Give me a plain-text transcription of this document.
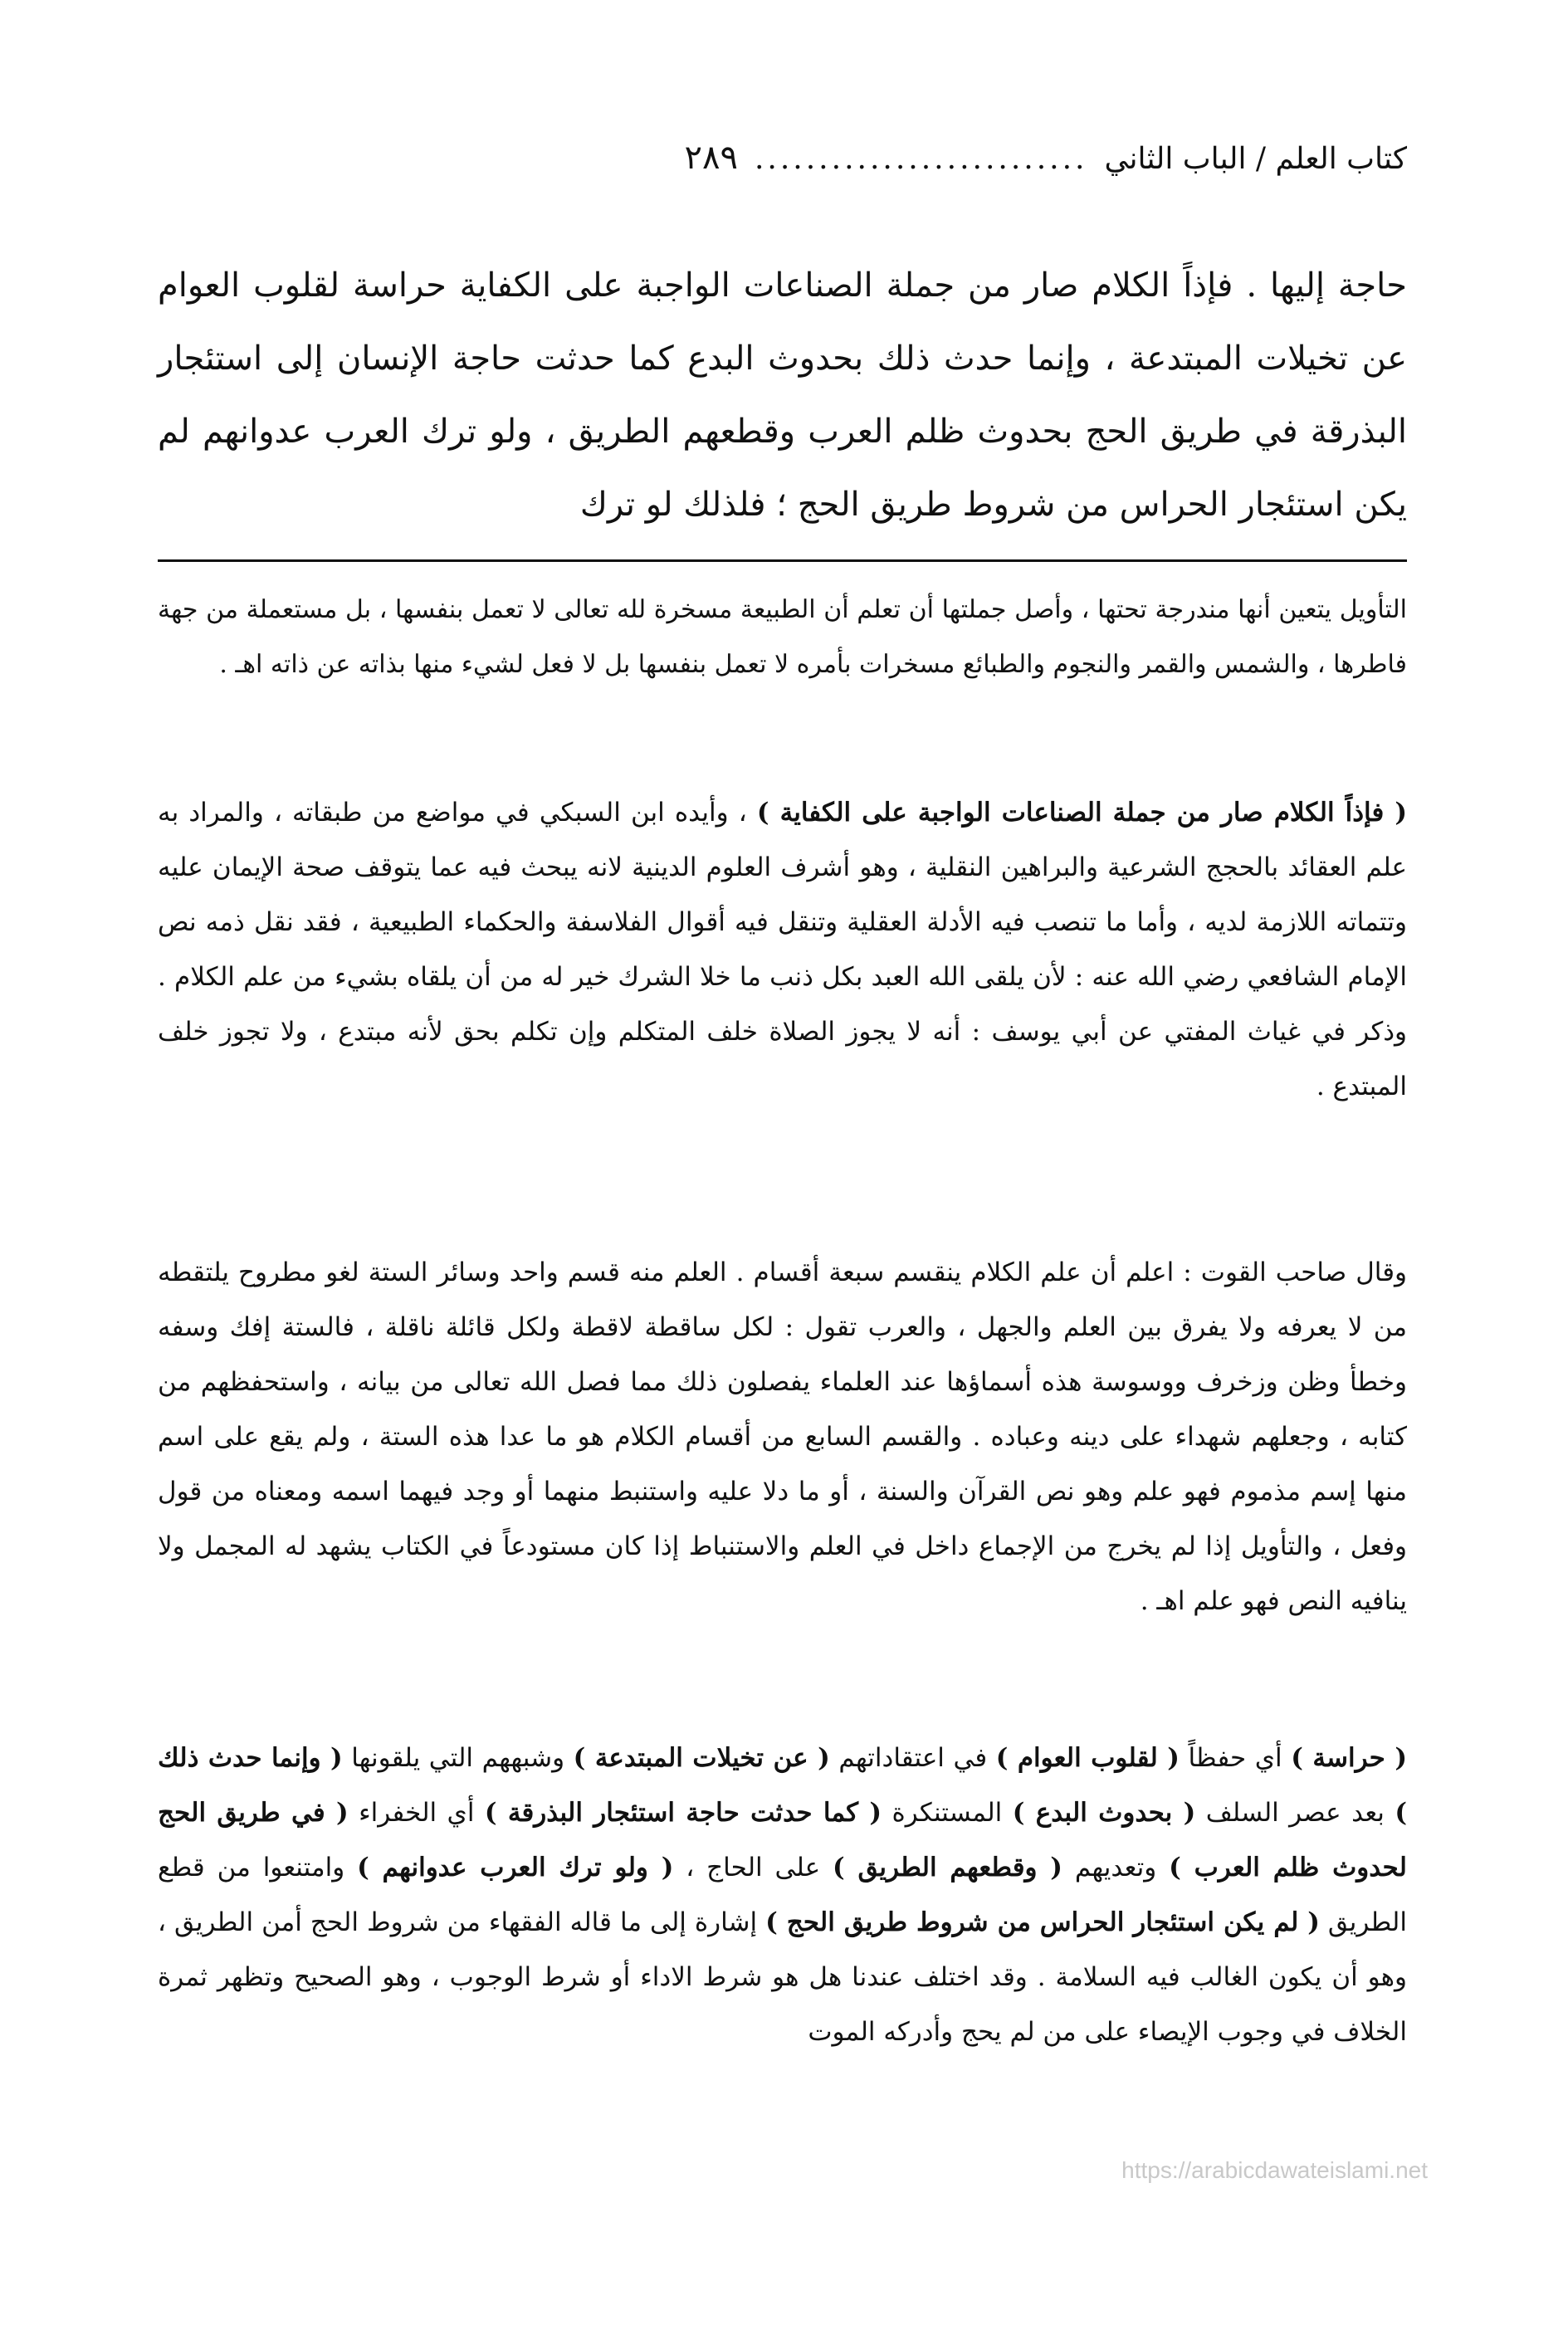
كتاب العلم / الباب الثاني
..........................
٢٨٩

حاجة إليها . فإذاً الكلام صار من جملة الصناعات الواجبة على الكفاية حراسة لقلوب العوام عن تخيلات المبتدعة ، وإنما حدث ذلك بحدوث البدع كما حدثت حاجة الإنسان إلى استئجار البذرقة في طريق الحج بحدوث ظلم العرب وقطعهم الطريق ، ولو ترك العرب عدوانهم لم يكن استئجار الحراس من شروط طريق الحج ؛ فلذلك لو ترك

التأويل يتعين أنها مندرجة تحتها ، وأصل جملتها أن تعلم أن الطبيعة مسخرة لله تعالى لا تعمل بنفسها ، بل مستعملة من جهة فاطرها ، والشمس والقمر والنجوم والطبائع مسخرات بأمره لا تعمل بنفسها بل لا فعل لشيء منها بذاته عن ذاته اهـ .

( فإذاً الكلام صار من جملة الصناعات الواجبة على الكفاية ) ، وأيده ابن السبكي في مواضع من طبقاته ، والمراد به علم العقائد بالحجج الشرعية والبراهين النقلية ، وهو أشرف العلوم الدينية لانه يبحث فيه عما يتوقف صحة الإيمان عليه وتتماته اللازمة لديه ، وأما ما تنصب فيه الأدلة العقلية وتنقل فيه أقوال الفلاسفة والحكماء الطبيعية ، فقد نقل ذمه نص الإمام الشافعي رضي الله عنه : لأن يلقى الله العبد بكل ذنب ما خلا الشرك خير له من أن يلقاه بشيء من علم الكلام . وذكر في غياث المفتي عن أبي يوسف : أنه لا يجوز الصلاة خلف المتكلم وإن تكلم بحق لأنه مبتدع ، ولا تجوز خلف المبتدع .

وقال صاحب القوت : اعلم أن علم الكلام ينقسم سبعة أقسام . العلم منه قسم واحد وسائر الستة لغو مطروح يلتقطه من لا يعرفه ولا يفرق بين العلم والجهل ، والعرب تقول : لكل ساقطة لاقطة ولكل قائلة ناقلة ، فالستة إفك وسفه وخطأ وظن وزخرف ووسوسة هذه أسماؤها عند العلماء يفصلون ذلك مما فصل الله تعالى من بيانه ، واستحفظهم من كتابه ، وجعلهم شهداء على دينه وعباده . والقسم السابع من أقسام الكلام هو ما عدا هذه الستة ، ولم يقع على اسم منها إسم مذموم فهو علم وهو نص القرآن والسنة ، أو ما دلا عليه واستنبط منهما أو وجد فيهما اسمه ومعناه من قول وفعل ، والتأويل إذا لم يخرج من الإجماع داخل في العلم والاستنباط إذا كان مستودعاً في الكتاب يشهد له المجمل ولا ينافيه النص فهو علم اهـ .

( حراسة ) أي حفظاً ( لقلوب العوام ) في اعتقاداتهم ( عن تخيلات المبتدعة ) وشبههم التي يلقونها ( وإنما حدث ذلك ) بعد عصر السلف ( بحدوث البدع ) المستنكرة ( كما حدثت حاجة استئجار البذرقة ) أي الخفراء ( في طريق الحج لحدوث ظلم العرب ) وتعديهم ( وقطعهم الطريق ) على الحاج ، ( ولو ترك العرب عدوانهم ) وامتنعوا من قطع الطريق ( لم يكن استئجار الحراس من شروط طريق الحج ) إشارة إلى ما قاله الفقهاء من شروط الحج أمن الطريق ، وهو أن يكون الغالب فيه السلامة . وقد اختلف عندنا هل هو شرط الاداء أو شرط الوجوب ، وهو الصحيح وتظهر ثمرة الخلاف في وجوب الإيصاء على من لم يحج وأدركه الموت

https://arabicdawateislami.net
